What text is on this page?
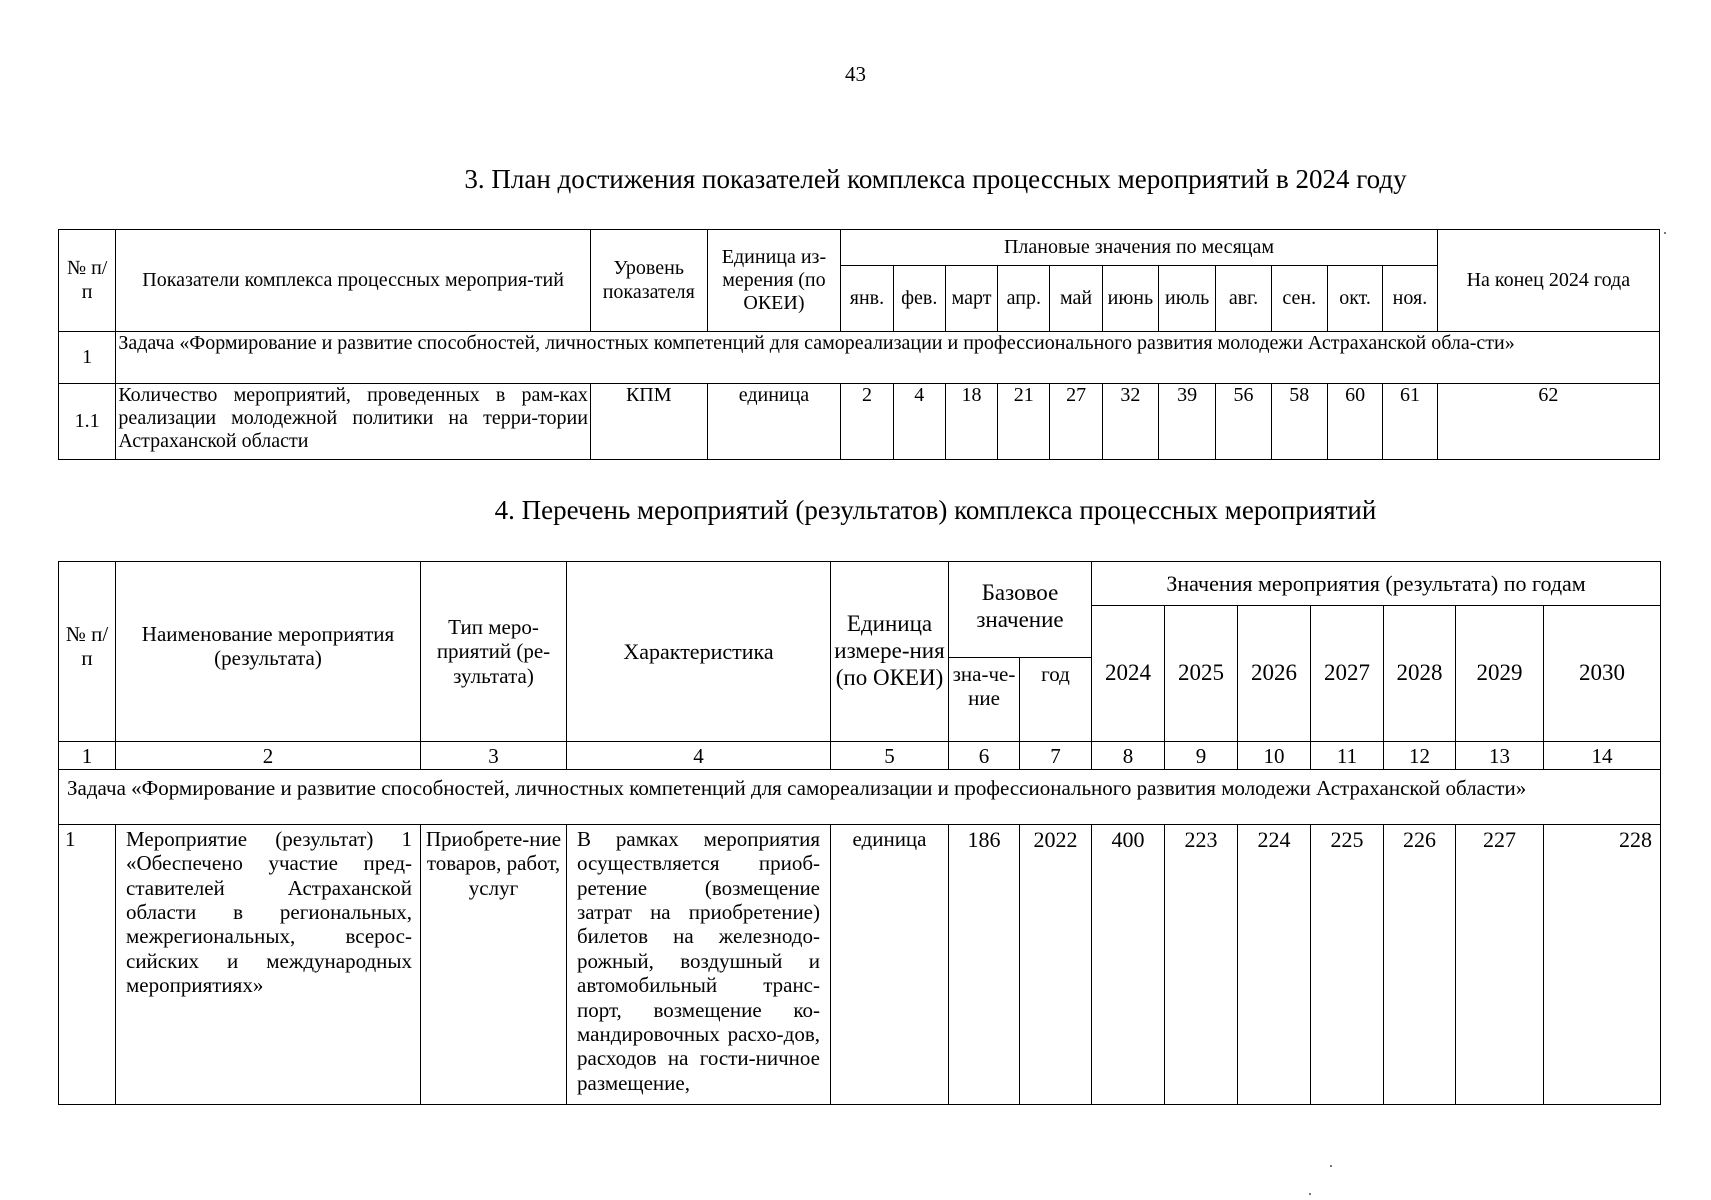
43
3. План достижения показателей комплекса процессных мероприятий в 2024 году
№ п/п	Показатели комплекса процессных мероприя-тий	Уровень показателя	Единица из-мерения (по ОКЕИ)	Плановые значения по месяцам											На конец 2024 года
				янв.	фев.	март	апр.	май	июнь	июль	авг.	сен.	окт.	ноя.	
1	Задача «Формирование и развитие способностей, личностных компетенций для самореализации и профессионального развития молодежи Астраханской обла-сти»														
1.1	Количество мероприятий, проведенных в рам-ках реализации молодежной политики на терри-тории Астраханской области	КПМ	единица	2	4	18	21	27	32	39	56	58	60	61	62
4. Перечень мероприятий (результатов) комплекса процессных мероприятий
№ п/п	Наименование мероприятия (результата)	Тип меро-приятий (ре-зультата)	Характеристика	Единица измере-ния (по ОКЕИ)	Базовое значение		Значения мероприятия (результата) по годам						
							2024	2025	2026	2027	2028	2029	2030
					зна-че-ние	год							
1	2	3	4	5	6	7	8	9	10	11	12	13	14
Задача «Формирование и развитие способностей, личностных компетенций для самореализации и профессионального развития молодежи Астраханской области»													
1	Мероприятие (результат) 1 «Обеспечено участие пред-ставителей Астраханской области в региональных, межрегиональных, всерос-сийских и международных мероприятиях»	Приобрете-ние товаров, работ, услуг	В рамках мероприятия осуществляется приоб-ретение (возмещение затрат на приобретение) билетов на железнодо-рожный, воздушный и автомобильный транс-порт, возмещение ко-мандировочных расхо-дов, расходов на гости-ничное размещение,	единица	186	2022	400	223	224	225	226	227	228
